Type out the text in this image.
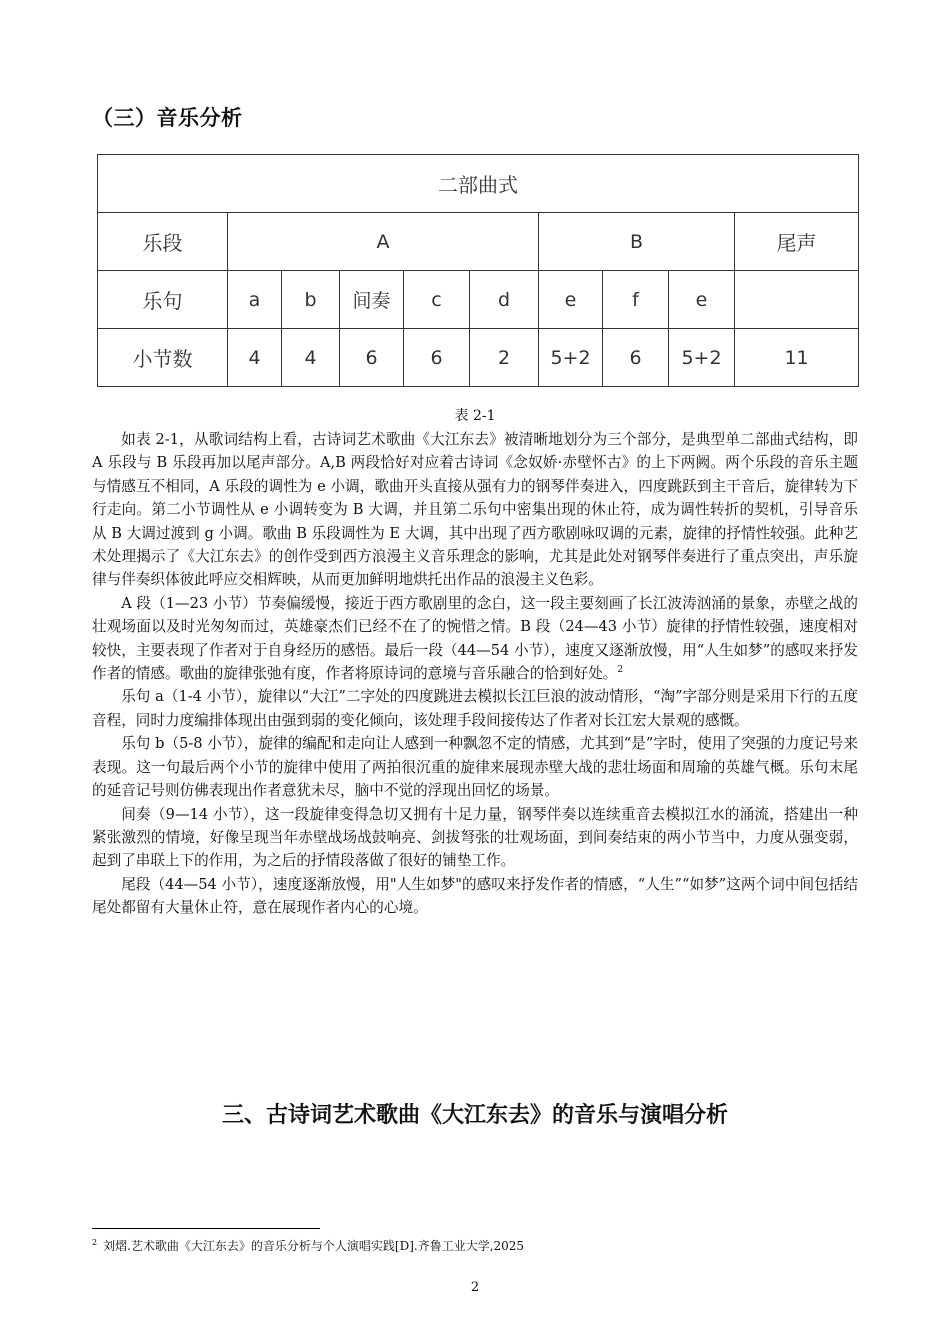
（三）音乐分析
二部曲式									
乐段	A					B			尾声
乐句	a	b	间奏	c	d	e	f	e	
小节数	4	4	6	6	2	5+2	6	5+2	11
表 2-1

如表 2-1，从歌词结构上看，古诗词艺术歌曲《大江东去》被清晰地划分为三个部分，是典型单二部曲式结构，即 A 乐段与 B 乐段再加以尾声部分。A,B 两段恰好对应着古诗词《念奴娇·赤壁怀古》的上下两阙。两个乐段的音乐主题与情感互不相同，A 乐段的调性为 e 小调，歌曲开头直接从强有力的钢琴伴奏进入，四度跳跃到主干音后，旋律转为下行走向。第二小节调性从 e 小调转变为 B 大调，并且第二乐句中密集出现的休止符，成为调性转折的契机，引导音乐从 B 大调过渡到 g 小调。歌曲 B 乐段调性为 E 大调，其中出现了西方歌剧咏叹调的元素，旋律的抒情性较强。此种艺术处理揭示了《大江东去》的创作受到西方浪漫主义音乐理念的影响，尤其是此处对钢琴伴奏进行了重点突出，声乐旋律与伴奏织体彼此呼应交相辉映，从而更加鲜明地烘托出作品的浪漫主义色彩。

A 段（1—23 小节）节奏偏缓慢，接近于西方歌剧里的念白，这一段主要刻画了长江波涛汹涌的景象，赤壁之战的壮观场面以及时光匆匆而过，英雄豪杰们已经不在了的惋惜之情。B 段（24—43 小节）旋律的抒情性较强，速度相对较快，主要表现了作者对于自身经历的感悟。最后一段（44—54 小节），速度又逐渐放慢，用“人生如梦”的感叹来抒发作者的情感。歌曲的旋律张弛有度，作者将原诗词的意境与音乐融合的恰到好处。$^2$

乐句 a（1-4 小节），旋律以“大江”二字处的四度跳进去模拟长江巨浪的波动情形，“淘”字部分则是采用下行的五度音程，同时力度编排体现出由强到弱的变化倾向，该处理手段间接传达了作者对长江宏大景观的感慨。

乐句 b（5-8 小节），旋律的编配和走向让人感到一种飘忽不定的情感，尤其到“是”字时，使用了突强的力度记号来表现。这一句最后两个小节的旋律中使用了两拍很沉重的旋律来展现赤壁大战的悲壮场面和周瑜的英雄气概。乐句末尾的延音记号则仿佛表现出作者意犹未尽，脑中不觉的浮现出回忆的场景。

间奏（9—14 小节），这一段旋律变得急切又拥有十足力量，钢琴伴奏以连续重音去模拟江水的涌流，搭建出一种紧张激烈的情境，好像呈现当年赤壁战场战鼓响亮、剑拔弩张的壮观场面，到间奏结束的两小节当中，力度从强变弱，起到了串联上下的作用，为之后的抒情段落做了很好的铺垫工作。

尾段（44—54 小节），速度逐渐放慢，用"人生如梦"的感叹来抒发作者的情感，“人生”“如梦”这两个词中间包括结尾处都留有大量休止符，意在展现作者内心的心境。

三、古诗词艺术歌曲《大江东去》的音乐与演唱分析
$^2$ 刘熠.艺术歌曲《大江东去》的音乐分析与个人演唱实践[D].齐鲁工业大学,2025
2
